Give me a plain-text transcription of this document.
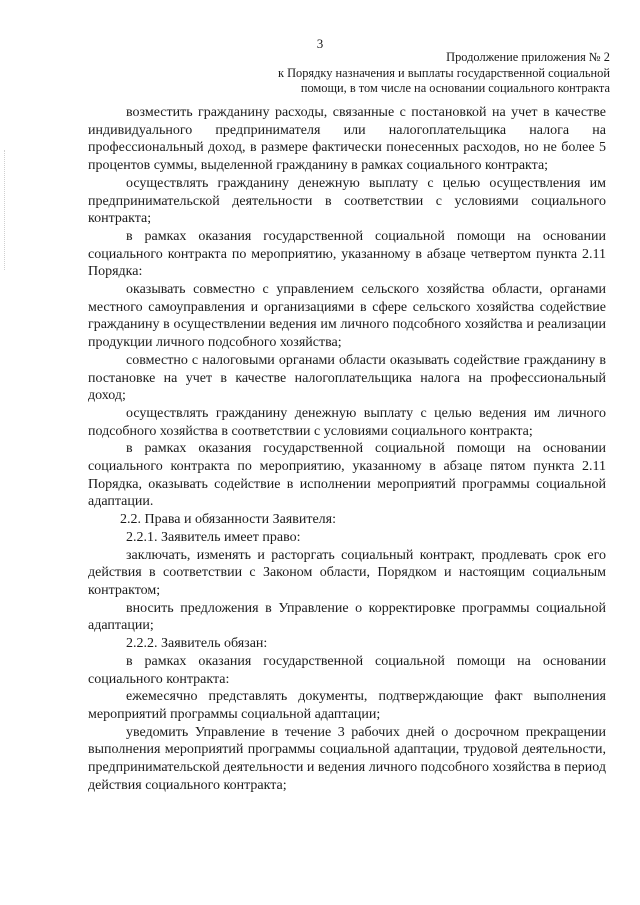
3
Продолжение приложения № 2
к Порядку назначения и выплаты государственной социальной
помощи, в том числе на основании социального контракта

возместить гражданину расходы, связанные с постановкой на учет в качестве индивидуального предпринимателя или налогоплательщика налога на профессиональный доход, в размере фактически понесенных расходов, но не более 5 процентов суммы, выделенной гражданину в рамках социального контракта;

осуществлять гражданину денежную выплату с целью осуществления им предпринимательской деятельности в соответствии с условиями социального контракта;

в рамках оказания государственной социальной помощи на основании социального контракта по мероприятию, указанному в абзаце четвертом пункта 2.11 Порядка:

оказывать совместно с управлением сельского хозяйства области, органами местного самоуправления и организациями в сфере сельского хозяйства содействие гражданину в осуществлении ведения им личного подсобного хозяйства и реализации продукции личного подсобного хозяйства;

совместно с налоговыми органами области оказывать содействие гражданину в постановке на учет в качестве налогоплательщика налога на профессиональный доход;

осуществлять гражданину денежную выплату с целью ведения им личного подсобного хозяйства в соответствии с условиями социального контракта;

в рамках оказания государственной социальной помощи на основании социального контракта по мероприятию, указанному в абзаце пятом пункта 2.11 Порядка, оказывать содействие в исполнении мероприятий программы социальной адаптации.

2.2. Права и обязанности Заявителя:

2.2.1. Заявитель имеет право:

заключать, изменять и расторгать социальный контракт, продлевать срок его действия в соответствии с Законом области, Порядком и настоящим социальным контрактом;

вносить предложения в Управление о корректировке программы социальной адаптации;

2.2.2. Заявитель обязан:

в рамках оказания государственной социальной помощи на основании социального контракта:

ежемесячно представлять документы, подтверждающие факт выполнения мероприятий программы социальной адаптации;

уведомить Управление в течение 3 рабочих дней о досрочном прекращении выполнения мероприятий программы социальной адаптации, трудовой деятельности, предпринимательской деятельности и ведения личного подсобного хозяйства в период действия социального контракта;
